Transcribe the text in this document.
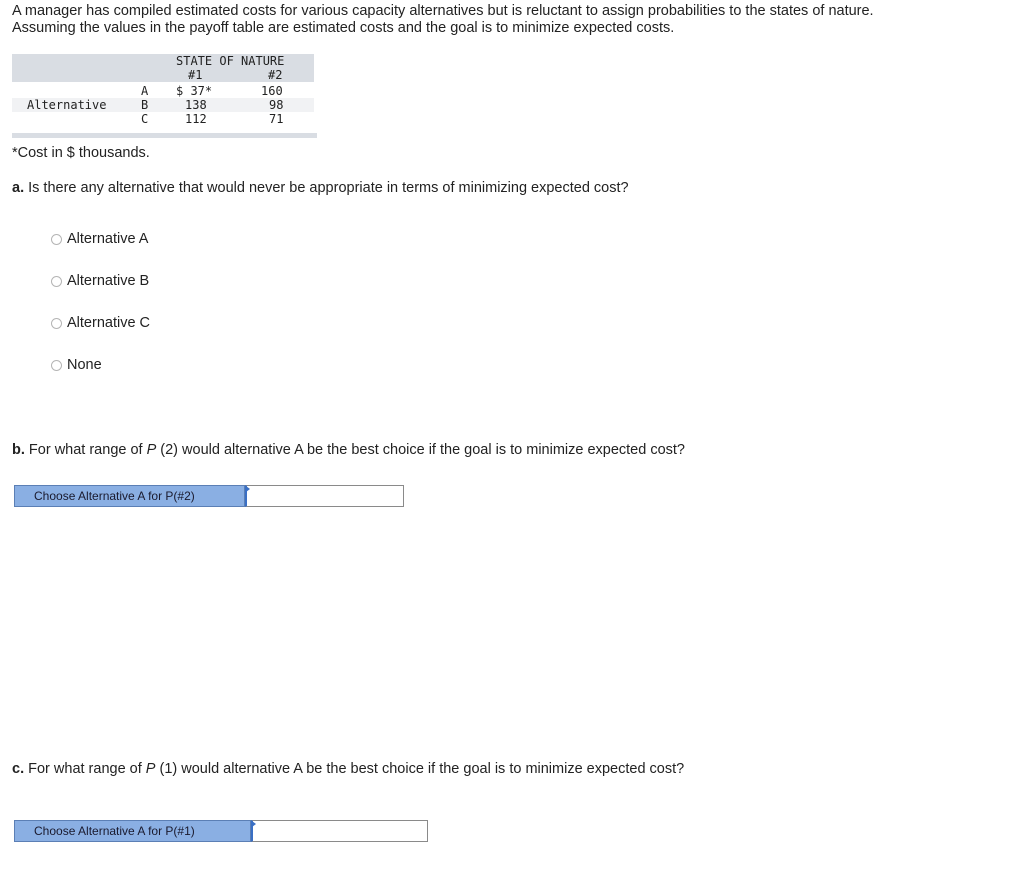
A manager has compiled estimated costs for various capacity alternatives but is reluctant to assign probabilities to the states of nature.
Assuming the values in the payoff table are estimated costs and the goal is to minimize expected costs.
STATE OF NATURE
#1	#2
Alternative
A $ 37*	160
B	138	98
C	112	71
*Cost in $ thousands.
a. Is there any alternative that would never be appropriate in terms of minimizing expected cost?
Alternative A
Alternative B
Alternative C
None
b. For what range of P (2) would alternative A be the best choice if the goal is to minimize expected cost?
Choose Alternative A for P(#2)
c. For what range of P (1) would alternative A be the best choice if the goal is to minimize expected cost?
Choose Alternative A for P(#1)
